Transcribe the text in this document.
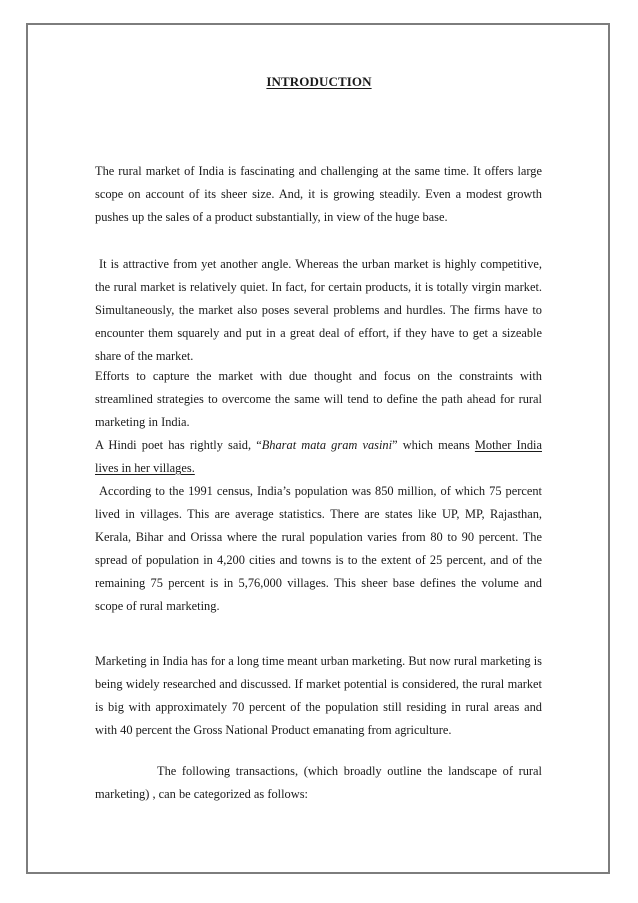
INTRODUCTION

The rural market of India is fascinating and challenging at the same time. It offers large scope on account of its sheer size. And, it is growing steadily. Even a modest growth pushes up the sales of a product substantially, in view of the huge base.

It is attractive from yet another angle. Whereas the urban market is highly competitive, the rural market is relatively quiet. In fact, for certain products, it is totally virgin market. Simultaneously, the market also poses several problems and hurdles. The firms have to encounter them squarely and put in a great deal of effort, if they have to get a sizeable share of the market.

Efforts to capture the market with due thought and focus on the constraints with streamlined strategies to overcome the same will tend to define the path ahead for rural marketing in India.

A Hindi poet has rightly said, “Bharat mata gram vasini” which means Mother India lives in her villages.

According to the 1991 census, India’s population was 850 million, of which 75 percent lived in villages. This are average statistics. There are states like UP, MP, Rajasthan, Kerala, Bihar and Orissa where the rural population varies from 80 to 90 percent. The spread of population in 4,200 cities and towns is to the extent of 25 percent, and of the remaining 75 percent is in 5,76,000 villages. This sheer base defines the volume and scope of rural marketing.

Marketing in India has for a long time meant urban marketing. But now rural marketing is being widely researched and discussed. If market potential is considered, the rural market is big with approximately 70 percent of the population still residing in rural areas and with 40 percent the Gross National Product emanating from agriculture.

The following transactions, (which broadly outline the landscape of rural marketing) , can be categorized as follows:
